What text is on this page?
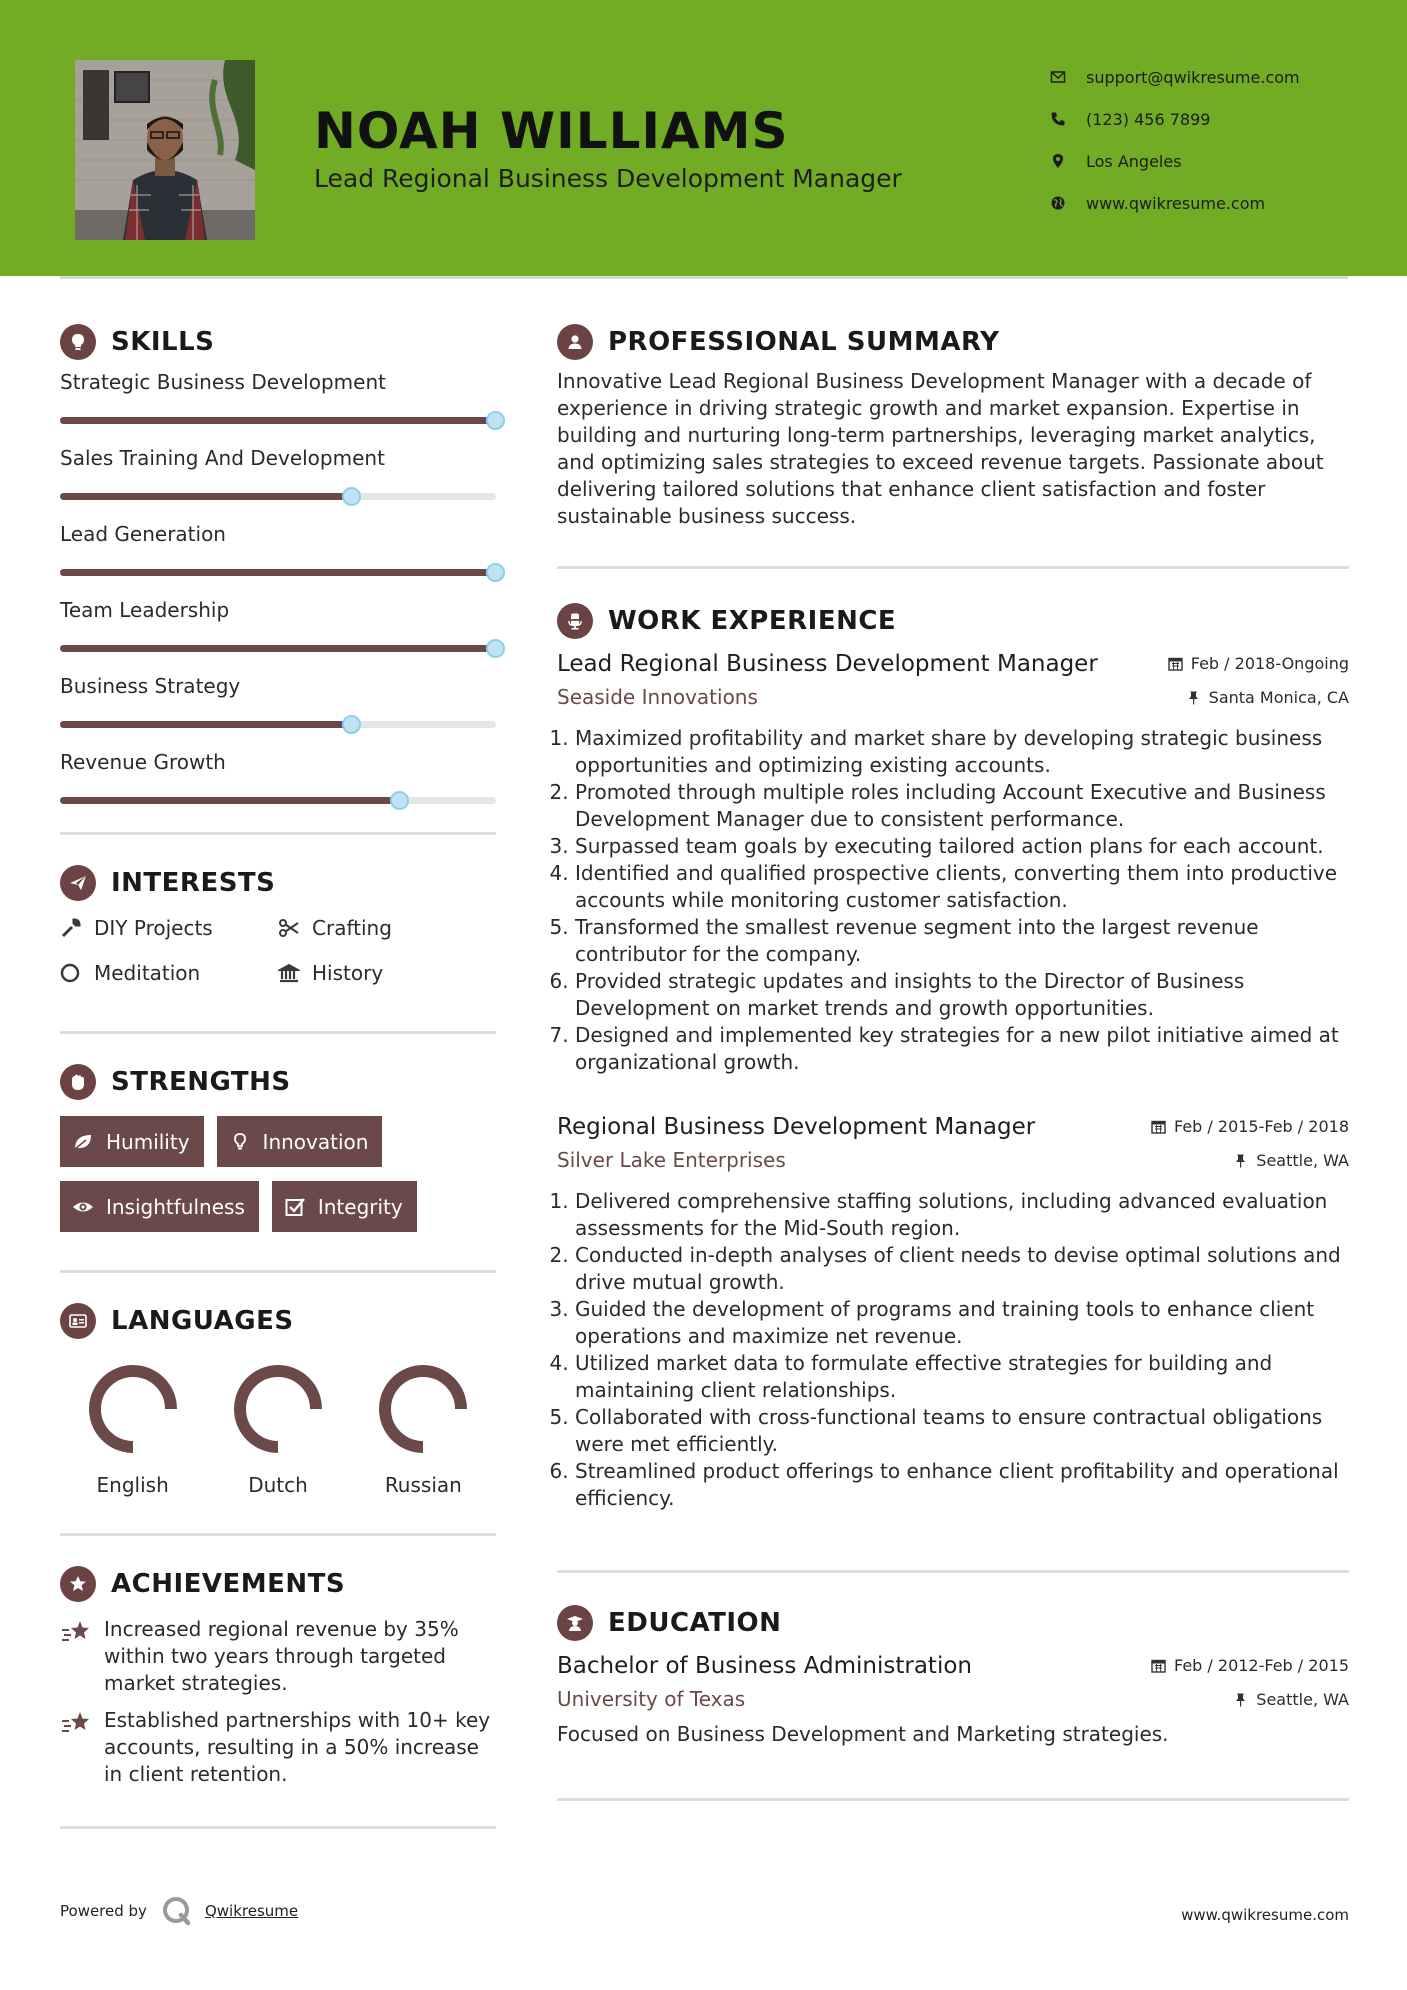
NOAH WILLIAMS
Lead Regional Business Development Manager
support@qwikresume.com
(123) 456 7899
Los Angeles
www.qwikresume.com
SKILLS
Strategic Business Development
Sales Training And Development
Lead Generation
Team Leadership
Business Strategy
Revenue Growth
INTERESTS
DIY Projects	Crafting
Meditation	History
STRENGTHS
Humility	Innovation
Insightfulness	Integrity
LANGUAGES
English	Dutch	Russian
ACHIEVEMENTS
Increased regional revenue by 35% within two years through targeted market strategies.
Established partnerships with 10+ key accounts, resulting in a 50% increase in client retention.
PROFESSIONAL SUMMARY
Innovative Lead Regional Business Development Manager with a decade of experience in driving strategic growth and market expansion. Expertise in building and nurturing long-term partnerships, leveraging market analytics, and optimizing sales strategies to exceed revenue targets. Passionate about delivering tailored solutions that enhance client satisfaction and foster sustainable business success.
WORK EXPERIENCE
Lead Regional Business Development Manager	Feb / 2018-Ongoing
Seaside Innovations	Santa Monica, CA
1. Maximized profitability and market share by developing strategic business opportunities and optimizing existing accounts.
2. Promoted through multiple roles including Account Executive and Business Development Manager due to consistent performance.
3. Surpassed team goals by executing tailored action plans for each account.
4. Identified and qualified prospective clients, converting them into productive accounts while monitoring customer satisfaction.
5. Transformed the smallest revenue segment into the largest revenue contributor for the company.
6. Provided strategic updates and insights to the Director of Business Development on market trends and growth opportunities.
7. Designed and implemented key strategies for a new pilot initiative aimed at organizational growth.
Regional Business Development Manager	Feb / 2015-Feb / 2018
Silver Lake Enterprises	Seattle, WA
1. Delivered comprehensive staffing solutions, including advanced evaluation assessments for the Mid-South region.
2. Conducted in-depth analyses of client needs to devise optimal solutions and drive mutual growth.
3. Guided the development of programs and training tools to enhance client operations and maximize net revenue.
4. Utilized market data to formulate effective strategies for building and maintaining client relationships.
5. Collaborated with cross-functional teams to ensure contractual obligations were met efficiently.
6. Streamlined product offerings to enhance client profitability and operational efficiency.
EDUCATION
Bachelor of Business Administration	Feb / 2012-Feb / 2015
University of Texas	Seattle, WA
Focused on Business Development and Marketing strategies.
Powered by	Qwikresume	www.qwikresume.com
